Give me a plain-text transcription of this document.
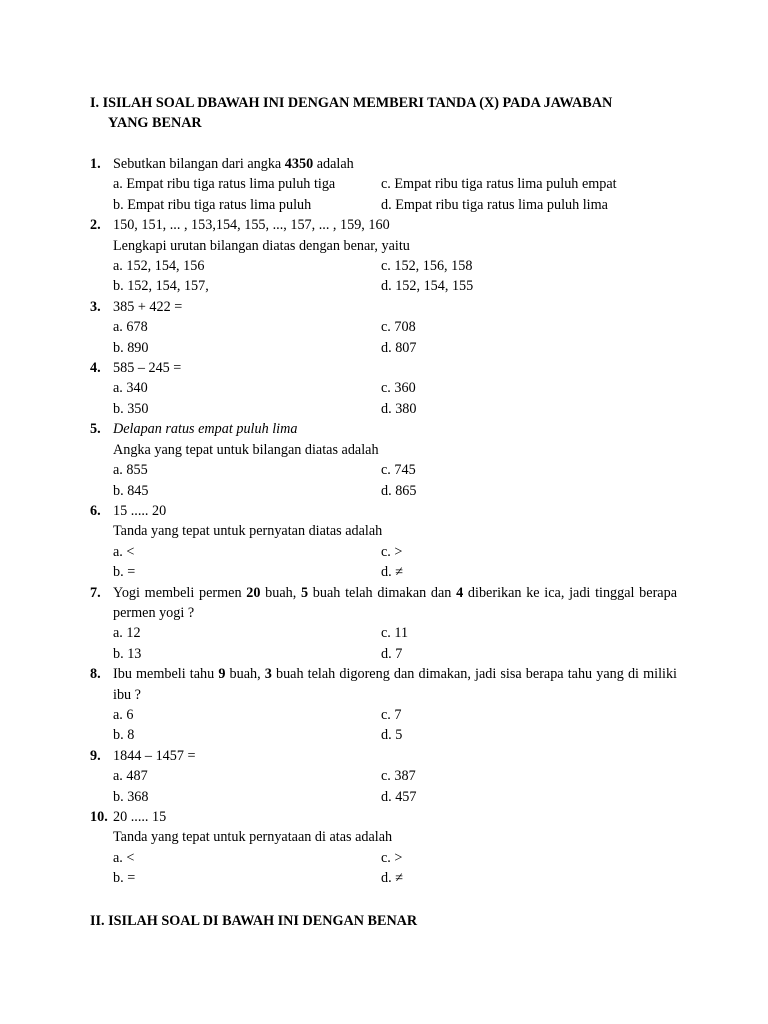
I. ISILAH SOAL DBAWAH INI DENGAN MEMBERI TANDA (X) PADA JAWABAN
YANG BENAR
1. Sebutkan bilangan dari angka 4350 adalah
a. Empat ribu tiga ratus lima puluh tiga	c. Empat ribu tiga ratus lima puluh empat
b. Empat ribu tiga ratus lima puluh	d. Empat ribu tiga ratus lima puluh lima
2. 150, 151, ... , 153,154, 155, ..., 157, ... , 159, 160
Lengkapi urutan bilangan diatas dengan benar, yaitu
a. 152, 154, 156	c. 152, 156, 158
b. 152, 154, 157,	d. 152, 154, 155
3. 385 + 422 =
a. 678	c. 708
b. 890	d. 807
4. 585 – 245 =
a. 340	c. 360
b. 350	d. 380
5. Delapan ratus empat puluh lima
Angka yang tepat untuk bilangan diatas adalah
a. 855	c. 745
b. 845	d. 865
6. 15 ..... 20
Tanda yang tepat untuk pernyatan diatas adalah
a. <	c. >
b. =	d. ≠
7. Yogi membeli permen 20 buah, 5 buah telah dimakan dan 4 diberikan ke ica, jadi tinggal berapa permen yogi ?
a. 12	c. 11
b. 13	d. 7
8. Ibu membeli tahu 9 buah, 3 buah telah digoreng dan dimakan, jadi sisa berapa tahu yang di miliki ibu ?
a. 6	c. 7
b. 8	d. 5
9. 1844 – 1457 =
a. 487	c. 387
b. 368	d. 457
10. 20 ..... 15
Tanda yang tepat untuk pernyataan di atas adalah
a. <	c. >
b. =	d. ≠
II. ISILAH SOAL DI BAWAH INI DENGAN BENAR
